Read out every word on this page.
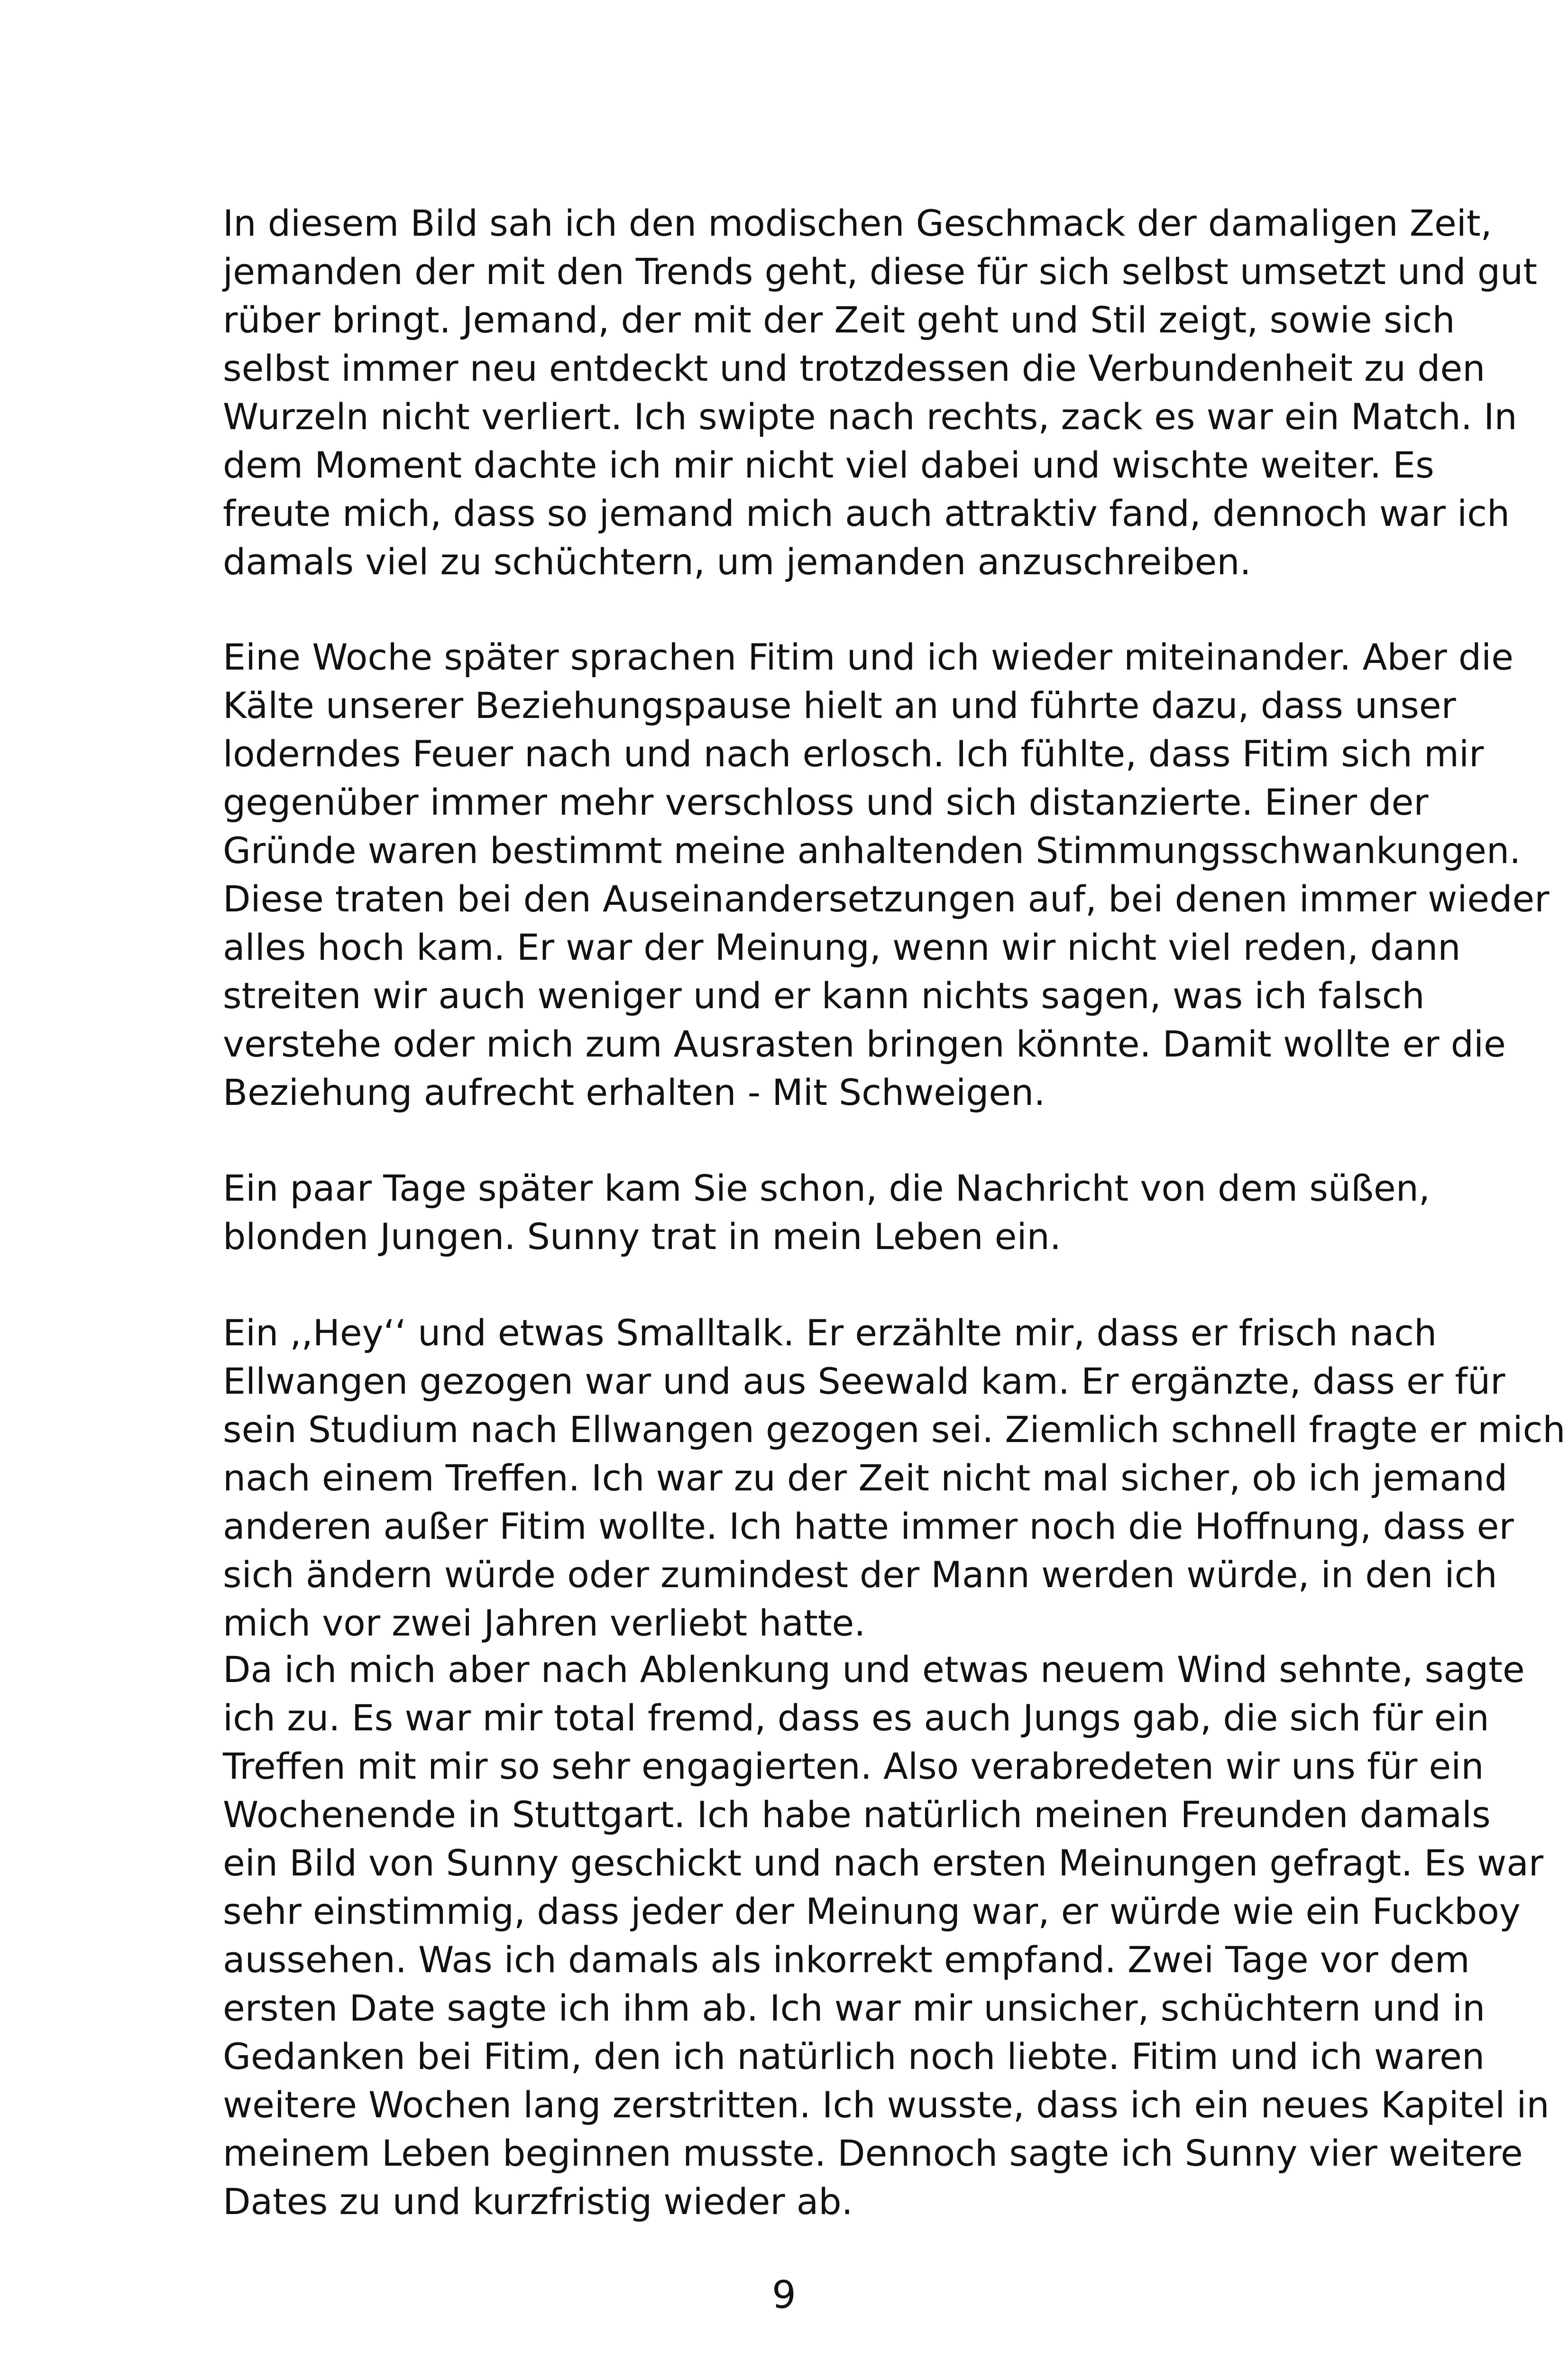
In diesem Bild sah ich den modischen Geschmack der damaligen Zeit,
jemanden der mit den Trends geht, diese für sich selbst umsetzt und gut
rüber bringt. Jemand, der mit der Zeit geht und Stil zeigt, sowie sich
selbst immer neu entdeckt und trotzdessen die Verbundenheit zu den
Wurzeln nicht verliert. Ich swipte nach rechts, zack es war ein Match. In
dem Moment dachte ich mir nicht viel dabei und wischte weiter. Es
freute mich, dass so jemand mich auch attraktiv fand, dennoch war ich
damals viel zu schüchtern, um jemanden anzuschreiben.
Eine Woche später sprachen Fitim und ich wieder miteinander. Aber die
Kälte unserer Beziehungspause hielt an und führte dazu, dass unser
loderndes Feuer nach und nach erlosch. Ich fühlte, dass Fitim sich mir
gegenüber immer mehr verschloss und sich distanzierte. Einer der
Gründe waren bestimmt meine anhaltenden Stimmungsschwankungen.
Diese traten bei den Auseinandersetzungen auf, bei denen immer wieder
alles hoch kam. Er war der Meinung, wenn wir nicht viel reden, dann
streiten wir auch weniger und er kann nichts sagen, was ich falsch
verstehe oder mich zum Ausrasten bringen könnte. Damit wollte er die
Beziehung aufrecht erhalten - Mit Schweigen.
Ein paar Tage später kam Sie schon, die Nachricht von dem süßen,
blonden Jungen. Sunny trat in mein Leben ein.
Ein ,,Hey‘‘ und etwas Smalltalk. Er erzählte mir, dass er frisch nach
Ellwangen gezogen war und aus Seewald kam. Er ergänzte, dass er für
sein Studium nach Ellwangen gezogen sei. Ziemlich schnell fragte er mich
nach einem Treffen. Ich war zu der Zeit nicht mal sicher, ob ich jemand
anderen außer Fitim wollte. Ich hatte immer noch die Hoffnung, dass er
sich ändern würde oder zumindest der Mann werden würde, in den ich
mich vor zwei Jahren verliebt hatte.
Da ich mich aber nach Ablenkung und etwas neuem Wind sehnte, sagte
ich zu. Es war mir total fremd, dass es auch Jungs gab, die sich für ein
Treffen mit mir so sehr engagierten. Also verabredeten wir uns für ein
Wochenende in Stuttgart. Ich habe natürlich meinen Freunden damals
ein Bild von Sunny geschickt und nach ersten Meinungen gefragt. Es war
sehr einstimmig, dass jeder der Meinung war, er würde wie ein Fuckboy
aussehen. Was ich damals als inkorrekt empfand. Zwei Tage vor dem
ersten Date sagte ich ihm ab. Ich war mir unsicher, schüchtern und in
Gedanken bei Fitim, den ich natürlich noch liebte. Fitim und ich waren
weitere Wochen lang zerstritten. Ich wusste, dass ich ein neues Kapitel in
meinem Leben beginnen musste. Dennoch sagte ich Sunny vier weitere
Dates zu und kurzfristig wieder ab.
9
